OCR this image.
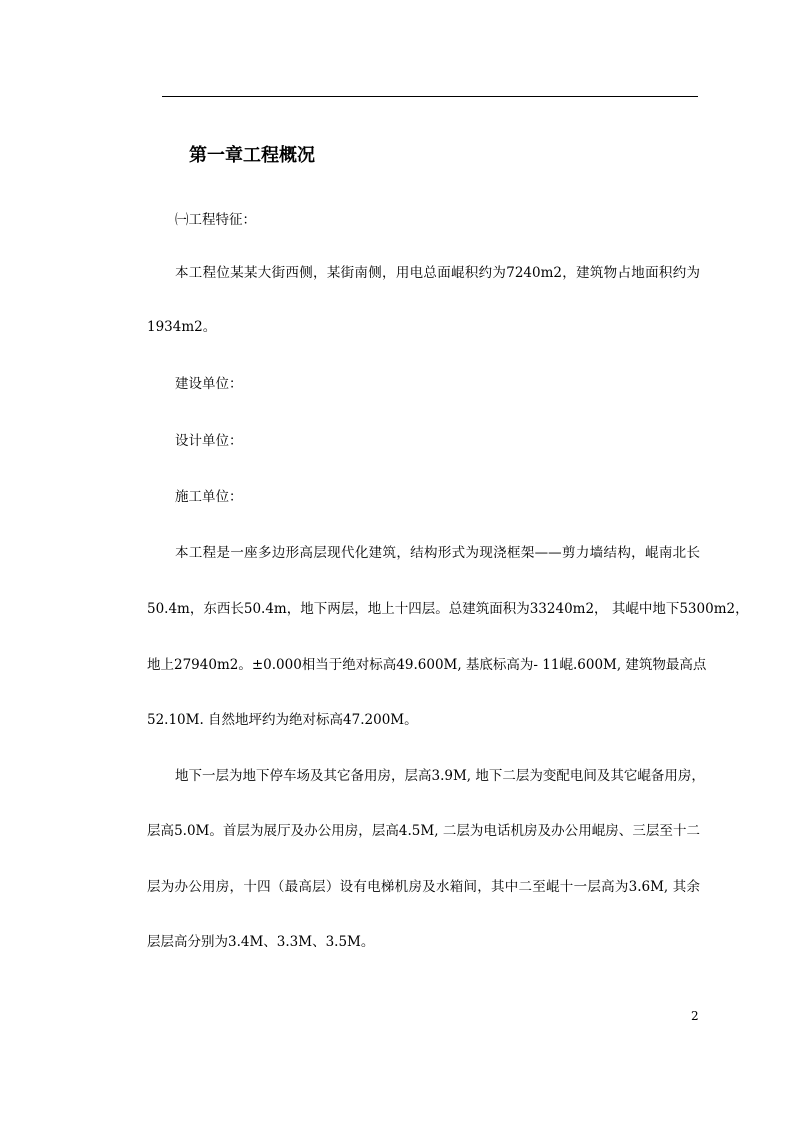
第一章工程概况
㈠工程特征：
本工程位某某大街西侧，某街南侧，用电总面崐积约为7240m2，建筑物占地面积约为
1934m2。
建设单位：
设计单位：
施工单位：
本工程是一座多边形高层现代化建筑，结构形式为现浇框架——剪力墙结构，崐南北长
50.4m，东西长50.4m，地下两层，地上十四层。总建筑面积为33240m2， 其崐中地下5300m2，
地上27940m2。±0.000相当于绝对标高49.600M, 基底标高为- 11崐.600M, 建筑物最高点
52.10M. 自然地坪约为绝对标高47.200M。
地下一层为地下停车场及其它备用房，层高3.9M, 地下二层为变配电间及其它崐备用房，
层高5.0M。首层为展厅及办公用房，层高4.5M, 二层为电话机房及办公用崐房、三层至十二
层为办公用房，十四（最高层）设有电梯机房及水箱间，其中二至崐十一层高为3.6M, 其余
层层高分别为3.4M、3.3M、3.5M。
2
